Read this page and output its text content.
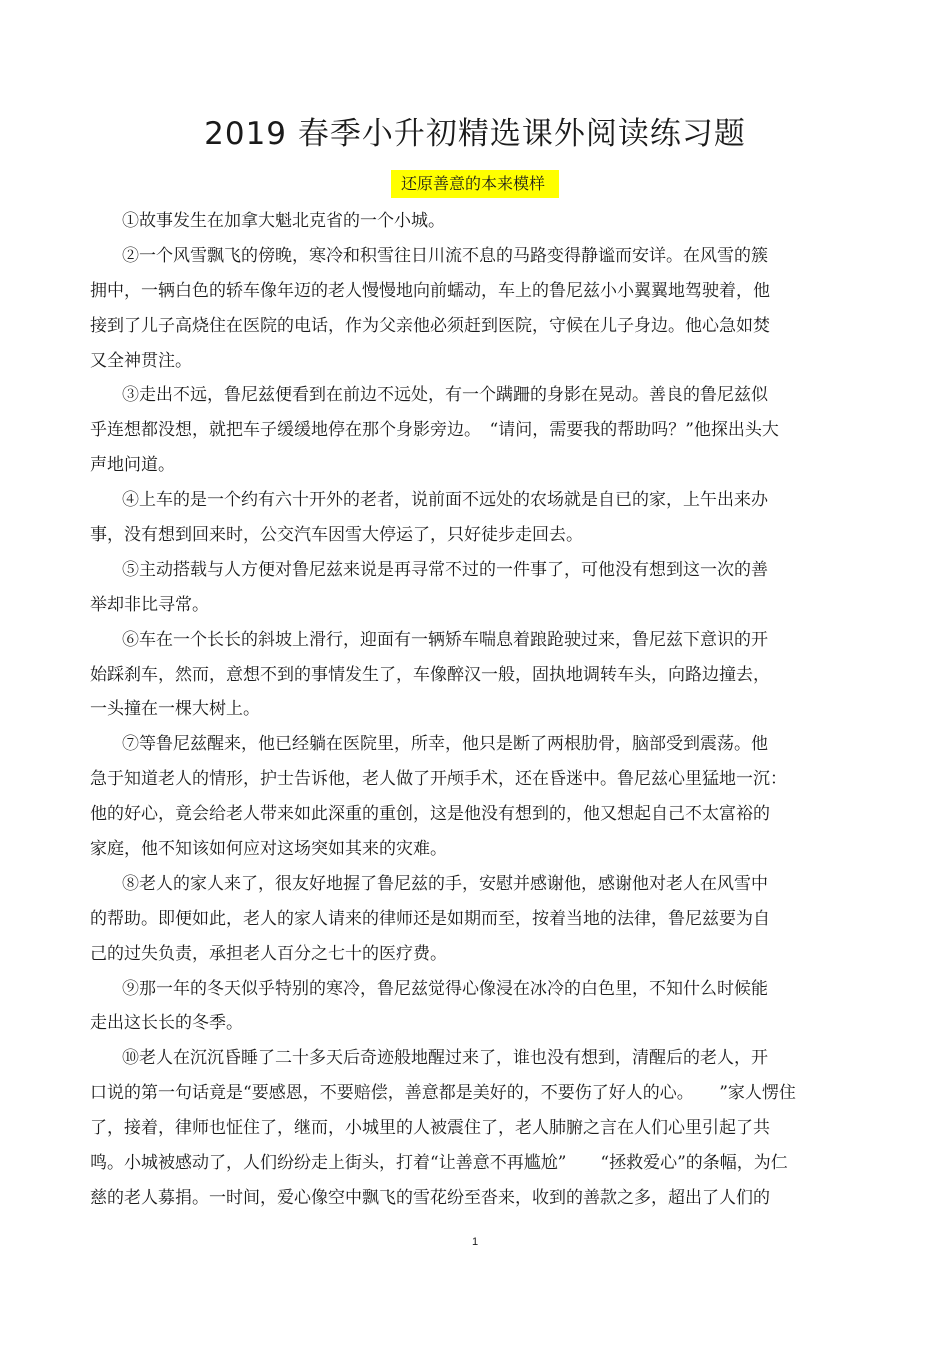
2019 春季小升初精选课外阅读练习题
还原善意的本来模样
①故事发生在加拿大魁北克省的一个小城。
②一个风雪飘飞的傍晚，寒冷和积雪往日川流不息的马路变得静谧而安详。在风雪的簇
拥中，一辆白色的轿车像年迈的老人慢慢地向前蠕动，车上的鲁尼兹小小翼翼地驾驶着，他
接到了儿子高烧住在医院的电话，作为父亲他必须赶到医院，守候在儿子身边。他心急如焚
又全神贯注。
③走出不远，鲁尼兹便看到在前边不远处，有一个蹒跚的身影在晃动。善良的鲁尼兹似
乎连想都没想，就把车子缓缓地停在那个身影旁边。　“请问，需要我的帮助吗？”他探出头大
声地问道。
④上车的是一个约有六十开外的老者，说前面不远处的农场就是自已的家，上午出来办
事，没有想到回来时，公交汽车因雪大停运了，只好徒步走回去。
⑤主动搭载与人方便对鲁尼兹来说是再寻常不过的一件事了，可他没有想到这一次的善
举却非比寻常。
⑥车在一个长长的斜坡上滑行，迎面有一辆矫车喘息着踉跄驶过来，鲁尼兹下意识的开
始踩刹车，然而，意想不到的事情发生了，车像醉汉一般，固执地调转车头，向路边撞去，
一头撞在一棵大树上。
⑦等鲁尼兹醒来，他已经躺在医院里，所幸，他只是断了两根肋骨，脑部受到震荡。他
急于知道老人的情形，护士告诉他，老人做了开颅手术，还在昏迷中。鲁尼兹心里猛地一沉：
他的好心，竟会给老人带来如此深重的重创，这是他没有想到的，他又想起自己不太富裕的
家庭，他不知该如何应对这场突如其来的灾难。
⑧老人的家人来了，很友好地握了鲁尼兹的手，安慰并感谢他，感谢他对老人在风雪中
的帮助。即便如此，老人的家人请来的律师还是如期而至，按着当地的法律，鲁尼兹要为自
己的过失负责，承担老人百分之七十的医疗费。
⑨那一年的冬天似乎特别的寒冷，鲁尼兹觉得心像浸在冰冷的白色里，不知什么时候能
走出这长长的冬季。
⑩老人在沉沉昏睡了二十多天后奇迹般地醒过来了，谁也没有想到，清醒后的老人，开
口说的第一句话竟是“要感恩，不要赔偿，善意都是美好的，不要伤了好人的心。　　”家人愣住
了，接着，律师也怔住了，继而，小城里的人被震住了，老人肺腑之言在人们心里引起了共
鸣。小城被感动了，人们纷纷走上街头，打着“让善意不再尴尬”　　“拯救爱心”的条幅，为仁
慈的老人募捐。一时间，爱心像空中飘飞的雪花纷至沓来，收到的善款之多，超出了人们的
1
